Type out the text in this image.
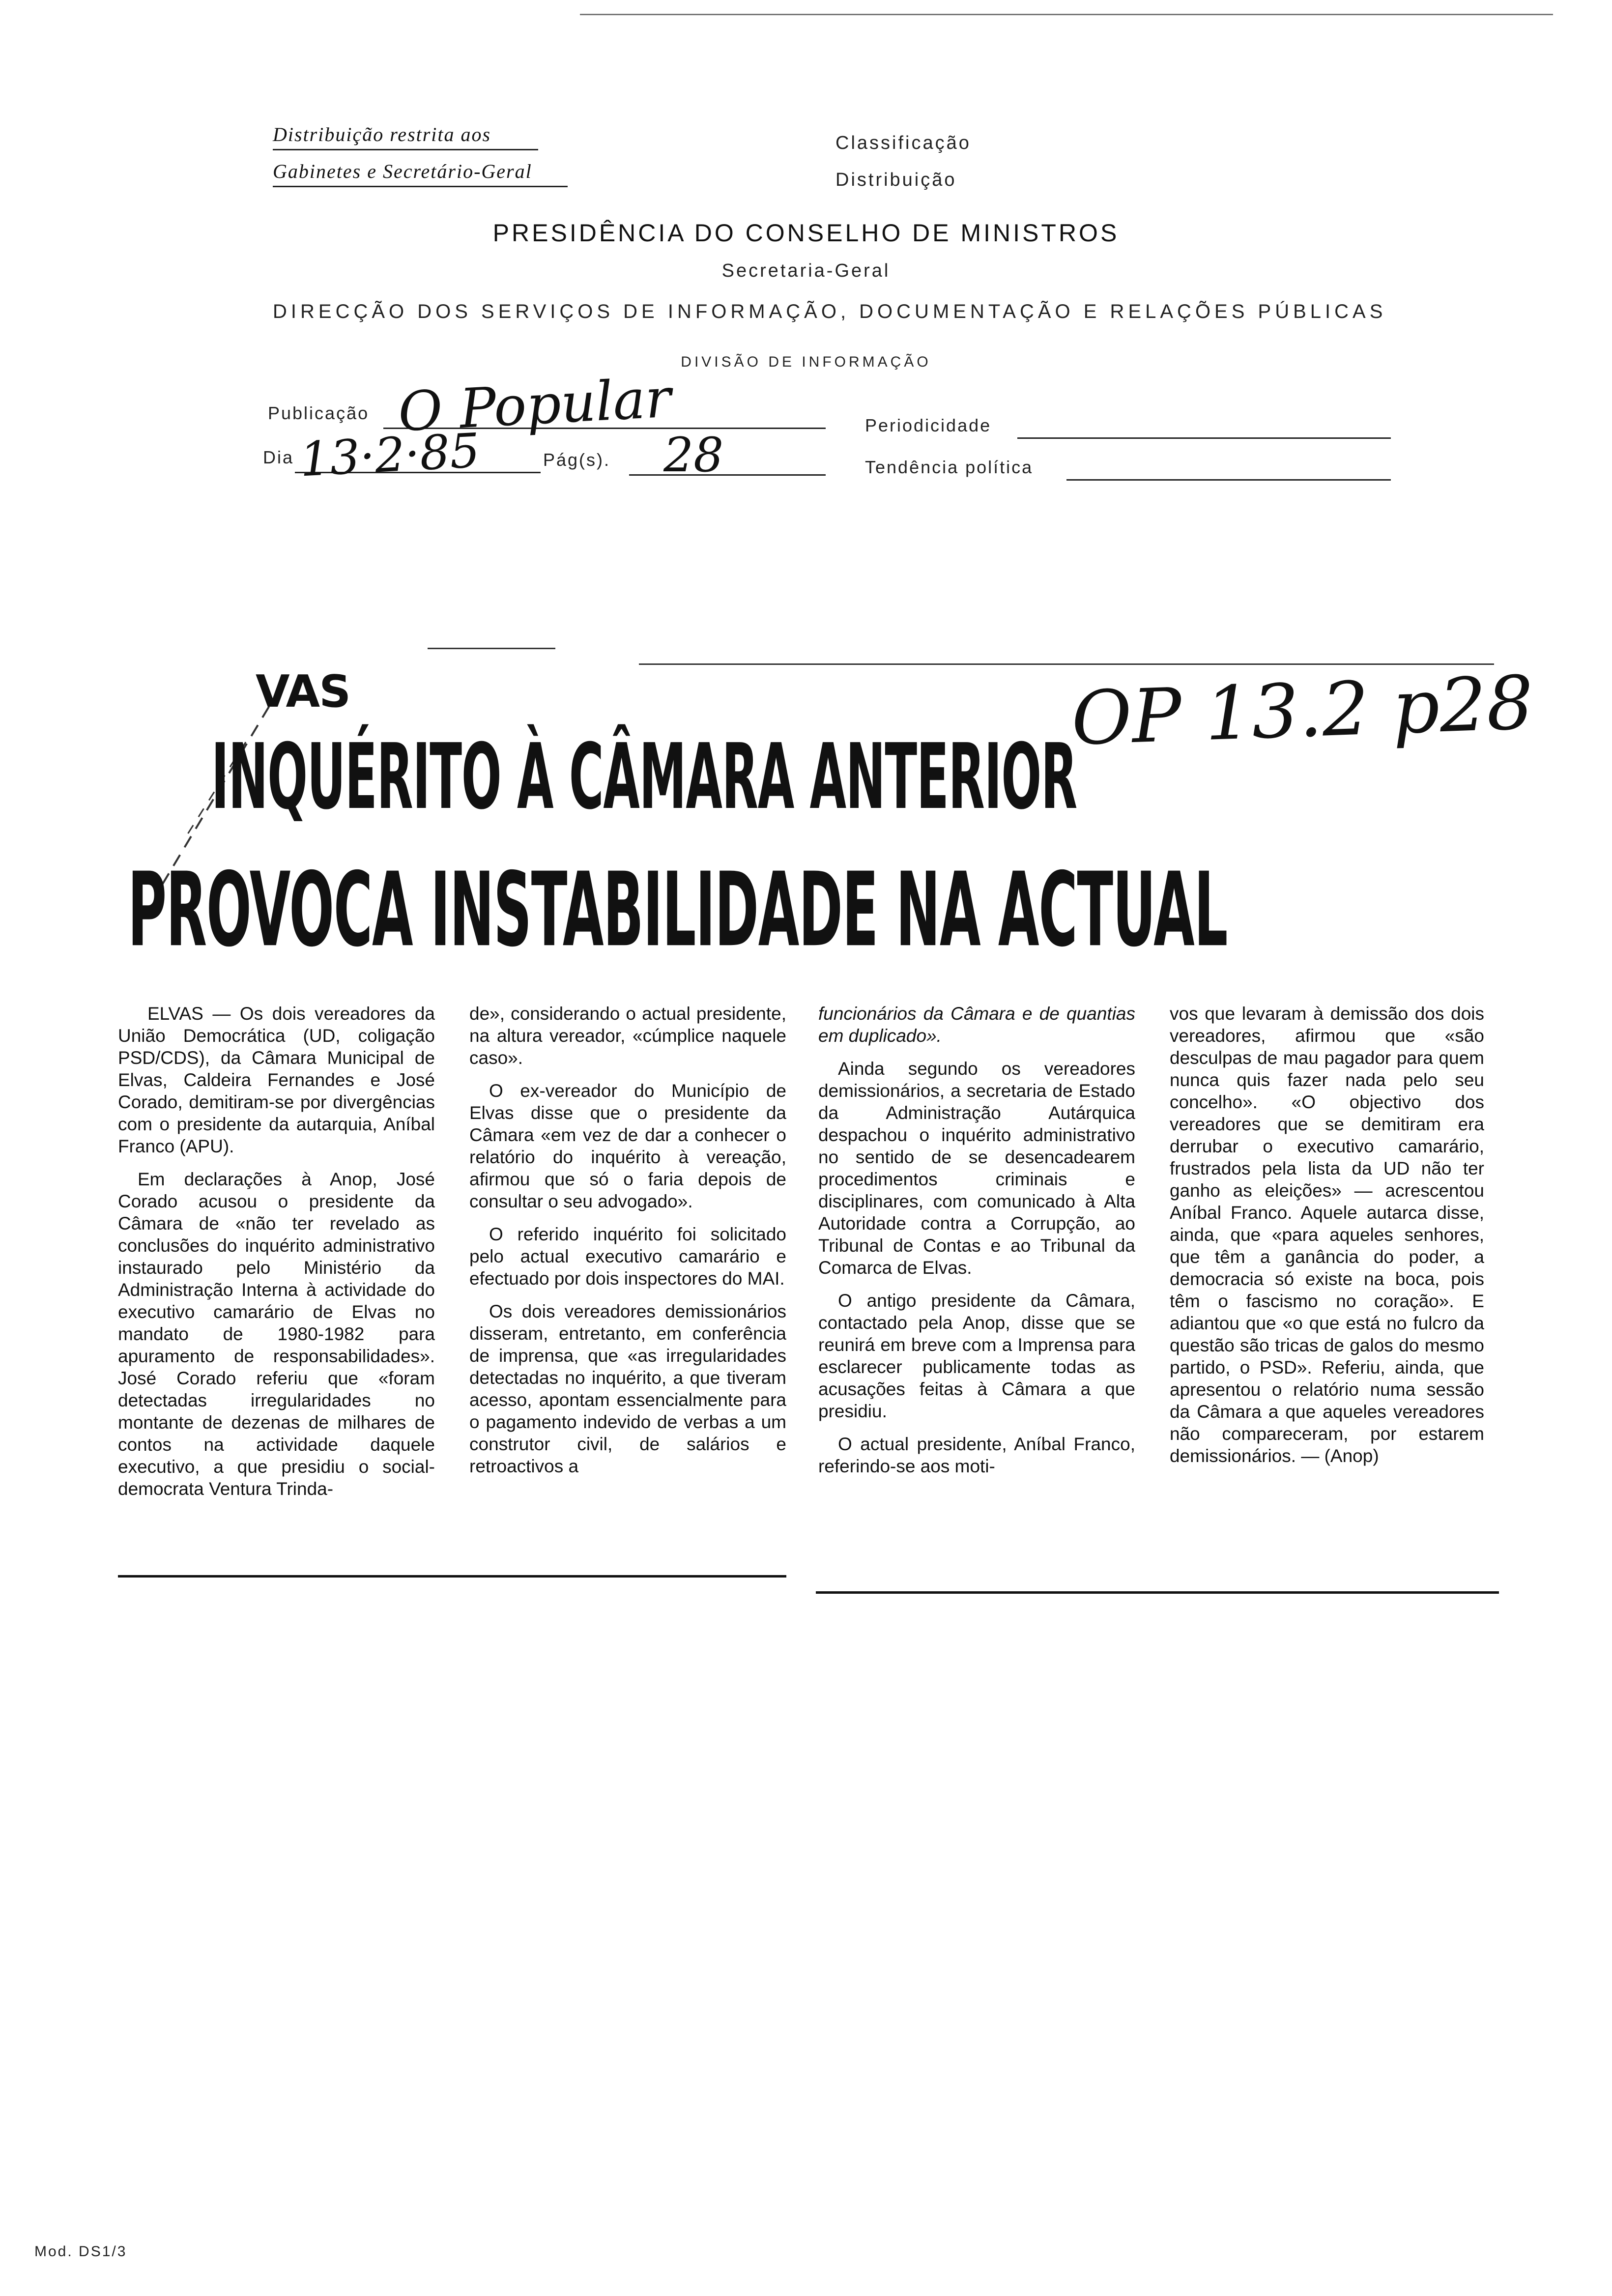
Distribuição restrita aos
Gabinetes e Secretário-Geral
Classificação
Distribuição
PRESIDÊNCIA DO CONSELHO DE MINISTROS
Secretaria-Geral
DIRECÇÃO DOS SERVIÇOS DE INFORMAÇÃO, DOCUMENTAÇÃO E RELAÇÕES PÚBLICAS
DIVISÃO DE INFORMAÇÃO
Publicação O Popular	Periodicidade
Dia 13·2·85	Pág(s). 28	Tendência política
OP 13.2 p28
VAS
INQUÉRITO À CÂMARA ANTERIOR
PROVOCA INSTABILIDADE NA ACTUAL

ELVAS — Os dois vereadores da União Democrática (UD, coligação PSD/CDS), da Câmara Municipal de Elvas, Caldeira Fernandes e José Corado, demitiram-se por divergências com o presidente da autarquia, Aníbal Franco (APU).

Em declarações à Anop, José Corado acusou o presidente da Câmara de «não ter revelado as conclusões do inquérito administrativo instaurado pelo Ministério da Administração Interna à actividade do executivo camarário de Elvas no mandato de 1980-1982 para apuramento de responsabilidades». José Corado referiu que «foram detectadas irregularidades no montante de dezenas de milhares de contos na actividade daquele executivo, a que presidiu o social-democrata Ventura Trinda-

de», considerando o actual presidente, na altura vereador, «cúmplice naquele caso».

O ex-vereador do Município de Elvas disse que o presidente da Câmara «em vez de dar a conhecer o relatório do inquérito à vereação, afirmou que só o faria depois de consultar o seu advogado».

O referido inquérito foi solicitado pelo actual executivo camarário e efectuado por dois inspectores do MAI.

Os dois vereadores demissionários disseram, entretanto, em conferência de imprensa, que «as irregularidades detectadas no inquérito, a que tiveram acesso, apontam essencialmente para o pagamento indevido de verbas a um construtor civil, de salários e retroactivos a

funcionários da Câmara e de quantias em duplicado».

Ainda segundo os vereadores demissionários, a secretaria de Estado da Administração Autárquica despachou o inquérito administrativo no sentido de se desencadearem procedimentos criminais e disciplinares, com comunicado à Alta Autoridade contra a Corrupção, ao Tribunal de Contas e ao Tribunal da Comarca de Elvas.

O antigo presidente da Câmara, contactado pela Anop, disse que se reunirá em breve com a Imprensa para esclarecer publicamente todas as acusações feitas à Câmara a que presidiu.

O actual presidente, Aníbal Franco, referindo-se aos moti-

vos que levaram à demissão dos dois vereadores, afirmou que «são desculpas de mau pagador para quem nunca quis fazer nada pelo seu concelho». «O objectivo dos vereadores que se demitiram era derrubar o executivo camarário, frustrados pela lista da UD não ter ganho as eleições» — acrescentou Aníbal Franco. Aquele autarca disse, ainda, que «para aqueles senhores, que têm a ganância do poder, a democracia só existe na boca, pois têm o fascismo no coração». E adiantou que «o que está no fulcro da questão são tricas de galos do mesmo partido, o PSD». Referiu, ainda, que apresentou o relatório numa sessão da Câmara a que aqueles vereadores não compareceram, por estarem demissionários. — (Anop)

Mod. DS1/3
